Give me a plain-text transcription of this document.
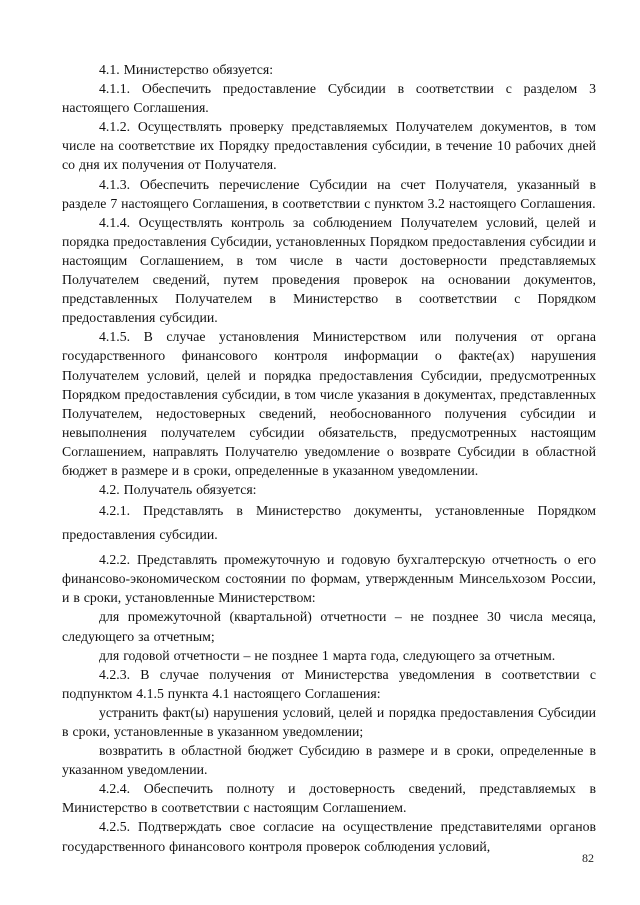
4.1. Министерство обязуется:

4.1.1. Обеспечить предоставление Субсидии в соответствии с разделом 3 настоящего Соглашения.

4.1.2. Осуществлять проверку представляемых Получателем документов, в том числе на соответствие их Порядку предоставления субсидии, в течение 10 рабочих дней со дня их получения от Получателя.

4.1.3. Обеспечить перечисление Субсидии на счет Получателя, указанный в разделе 7 настоящего Соглашения, в соответствии с пунктом 3.2 настоящего Соглашения.

4.1.4. Осуществлять контроль за соблюдением Получателем условий, целей и порядка предоставления Субсидии, установленных Порядком предоставления субсидии и настоящим Соглашением, в том числе в части достоверности представляемых Получателем сведений, путем проведения проверок на основании документов, представленных Получателем в Министерство в соответствии с Порядком предоставления субсидии.

4.1.5. В случае установления Министерством или получения от органа государственного финансового контроля информации о факте(ах) нарушения Получателем условий, целей и порядка предоставления Субсидии, предусмотренных Порядком предоставления субсидии, в том числе указания в документах, представленных Получателем, недостоверных сведений, необоснованного получения субсидии и невыполнения получателем субсидии обязательств, предусмотренных настоящим Соглашением, направлять Получателю уведомление о возврате Субсидии в областной бюджет в размере и в сроки, определенные в указанном уведомлении.

4.2. Получатель обязуется:

4.2.1. Представлять в Министерство документы, установленные Порядком предоставления субсидии.

4.2.2. Представлять промежуточную и годовую бухгалтерскую отчетность о его финансово-экономическом состоянии по формам, утвержденным Минсельхозом России, и в сроки, установленные Министерством:

для промежуточной (квартальной) отчетности – не позднее 30 числа месяца, следующего за отчетным;

для годовой отчетности – не позднее 1 марта года, следующего за отчетным.

4.2.3. В случае получения от Министерства уведомления в соответствии с подпунктом 4.1.5 пункта 4.1 настоящего Соглашения:

устранить факт(ы) нарушения условий, целей и порядка предоставления Субсидии в сроки, установленные в указанном уведомлении;

возвратить в областной бюджет Субсидию в размере и в сроки, определенные в указанном уведомлении.

4.2.4. Обеспечить полноту и достоверность сведений, представляемых в Министерство в соответствии с настоящим Соглашением.

4.2.5. Подтверждать свое согласие на осуществление представителями органов государственного финансового контроля проверок соблюдения условий,

82
